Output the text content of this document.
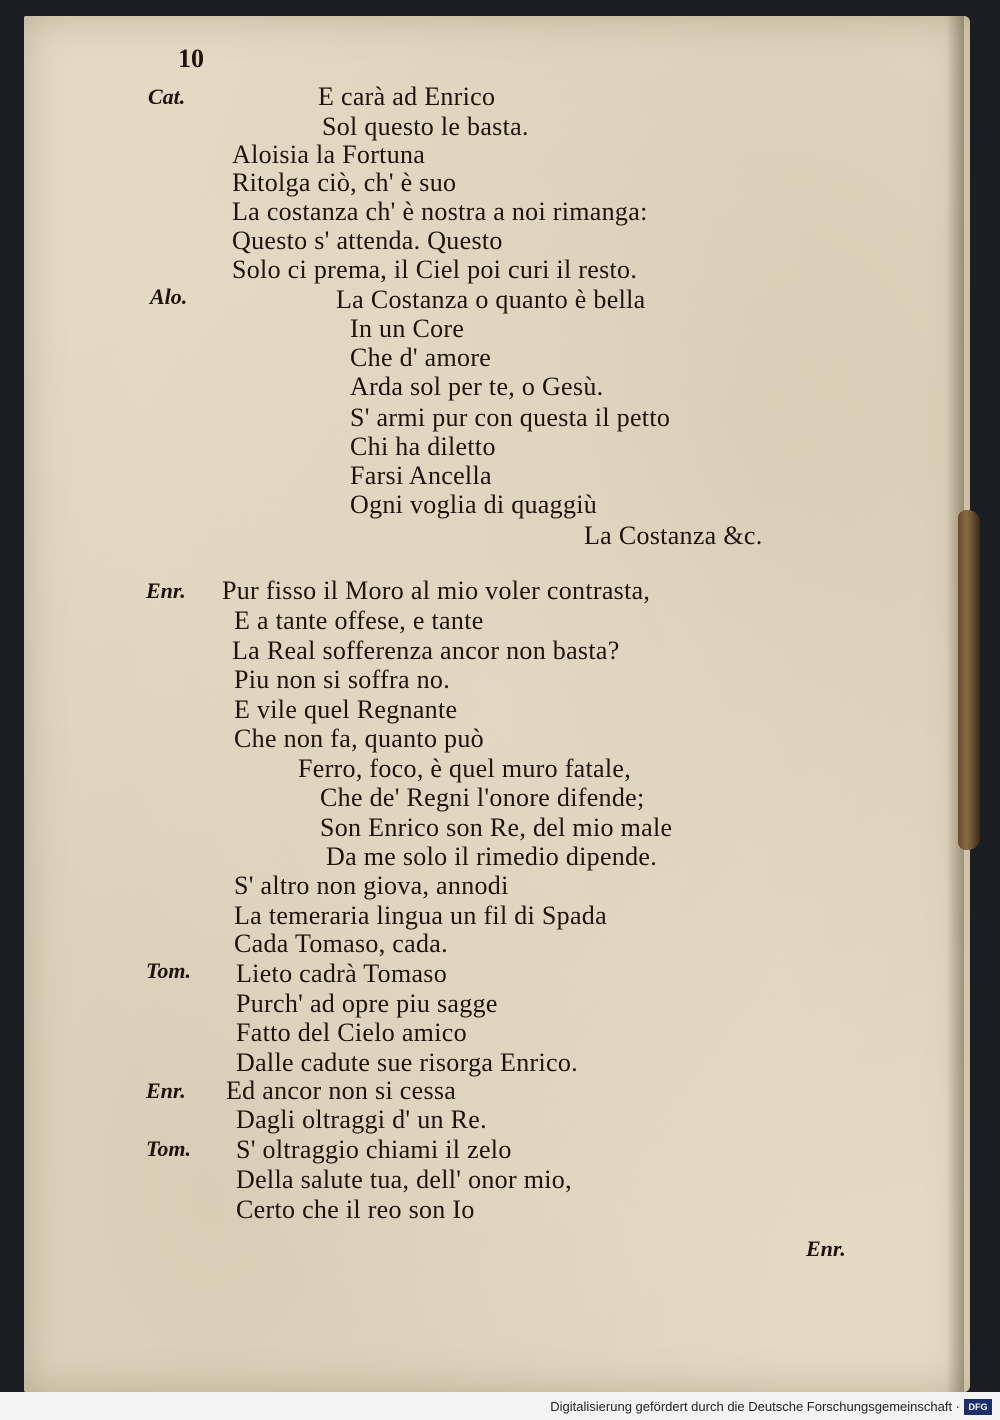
10
Cat.
Alo.
Enr.
Tom.
Enr.
Tom.
E carà ad Enrico
Sol questo le basta.
Aloisia la Fortuna
Ritolga ciò, ch' è suo
La costanza ch' è nostra a noi rimanga:
Questo s' attenda. Questo
Solo ci prema, il Ciel poi curi il resto.
La Costanza o quanto è bella
In un Core
Che d' amore
Arda sol per te, o Gesù.
S' armi pur con questa il petto
Chi ha diletto
Farsi Ancella
Ogni voglia di quaggiù
La Costanza &c.
Pur fisso il Moro al mio voler contrasta,
E a tante offese, e tante
La Real sofferenza ancor non basta?
Piu non si soffra no.
E vile quel Regnante
Che non fa, quanto può
Ferro, foco, è quel muro fatale,
Che de' Regni l'onore difende;
Son Enrico son Re, del mio male
Da me solo il rimedio dipende.
S' altro non giova, annodi
La temeraria lingua un fil di Spada
Cada Tomaso, cada.
Lieto cadrà Tomaso
Purch' ad opre piu sagge
Fatto del Cielo amico
Dalle cadute sue risorga Enrico.
Ed ancor non si cessa
Dagli oltraggi d' un Re.
S' oltraggio chiami il zelo
Della salute tua, dell' onor mio,
Certo che il reo son Io
Enr.
Digitalisierung gefördert durch die Deutsche Forschungsgemeinschaft · DFG
